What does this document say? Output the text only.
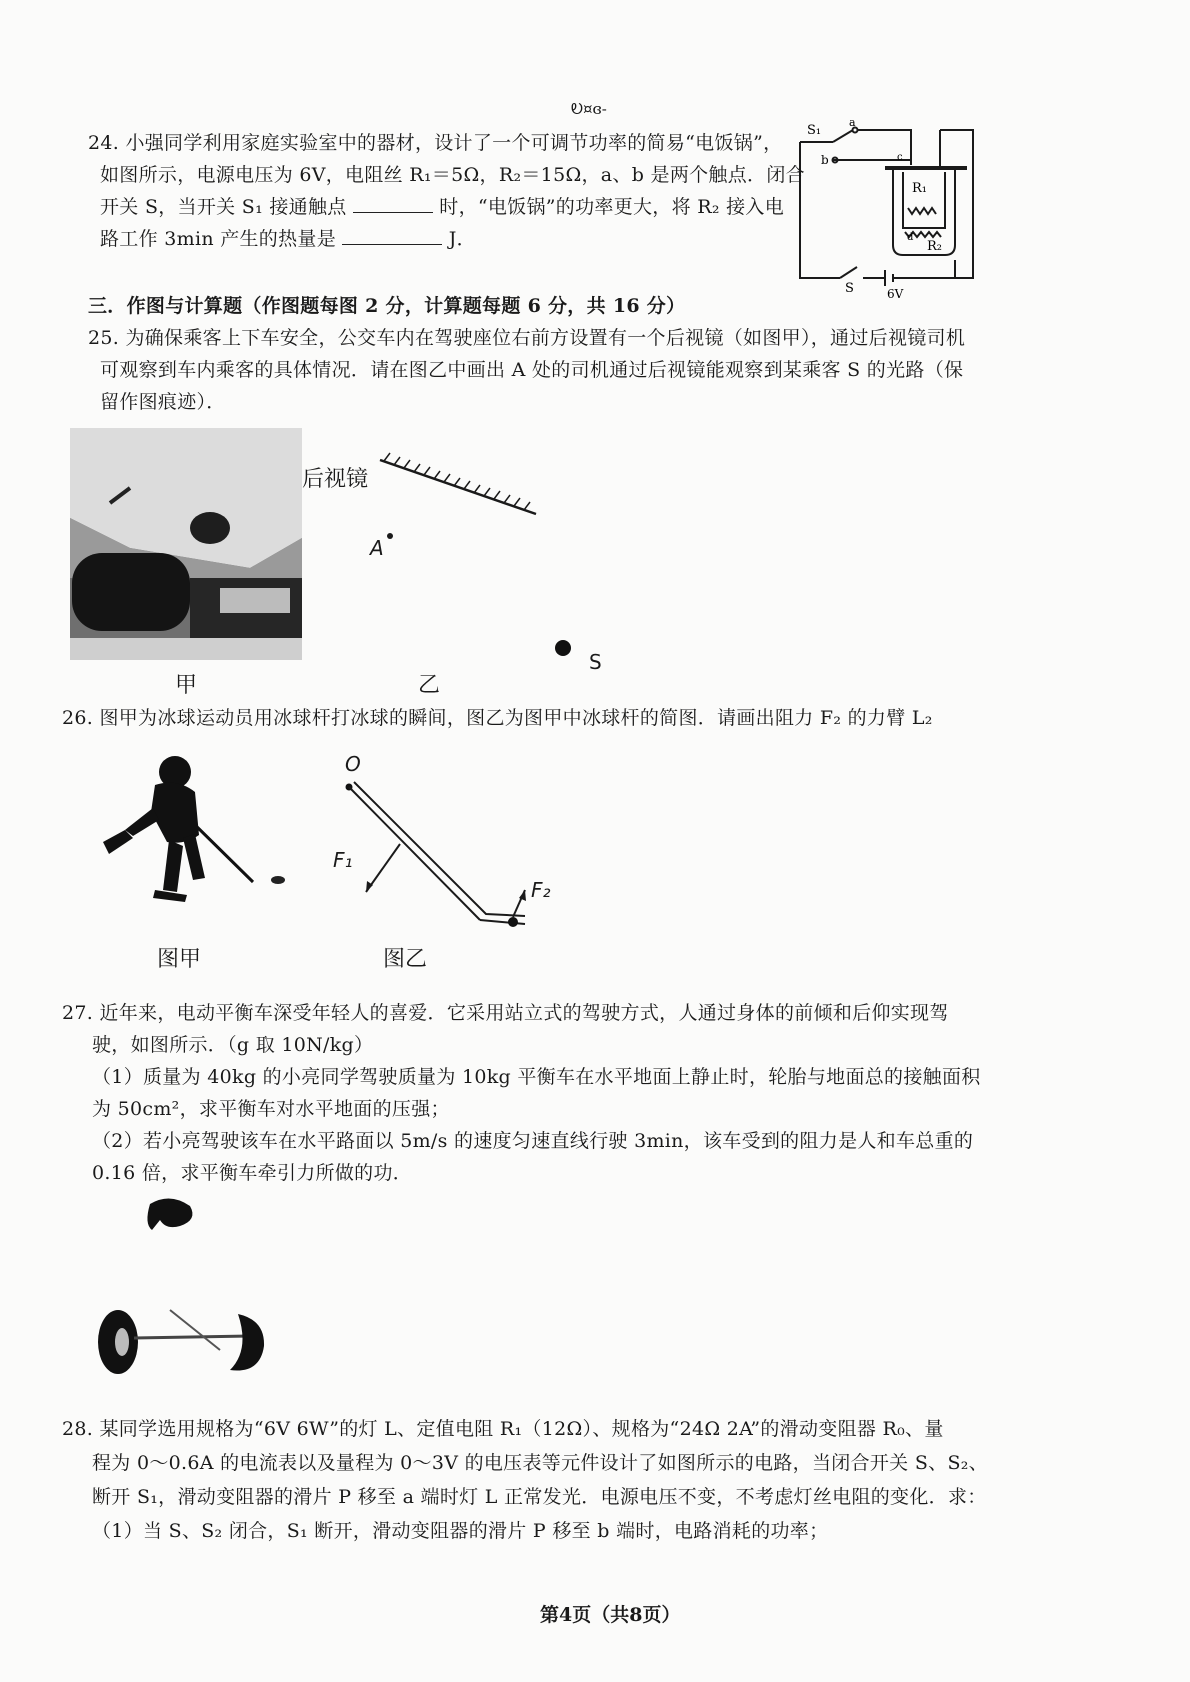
Ꭷ¤ɞ-
24. 小强同学利用家庭实验室中的器材，设计了一个可调节功率的简易“电饭锅”，
如图所示，电源电压为 6V，电阻丝 R₁＝5Ω，R₂＝15Ω，a、b 是两个触点．闭合
开关 S，当开关 S₁ 接通触点	时，“电饭锅”的功率更大，将 R₂ 接入电
路工作 3min 产生的热量是	J．
S₁
a
b
R₁
R₂
c
d
S	6V
三．作图与计算题（作图题每图 2 分，计算题每题 6 分，共 16 分）
25. 为确保乘客上下车安全，公交车内在驾驶座位右前方设置有一个后视镜（如图甲），通过后视镜司机
可观察到车内乘客的具体情况．请在图乙中画出 A 处的司机通过后视镜能观察到某乘客 S 的光路（保
留作图痕迹）．
后视镜
A
S
甲	乙
26. 图甲为冰球运动员用冰球杆打冰球的瞬间，图乙为图甲中冰球杆的简图．请画出阻力 F₂ 的力臂 L₂
图甲
O
F₁
F₂
图乙
27. 近年来，电动平衡车深受年轻人的喜爱．它采用站立式的驾驶方式，人通过身体的前倾和后仰实现驾
驶，如图所示．（g 取 10N/kg）
（1）质量为 40kg 的小亮同学驾驶质量为 10kg 平衡车在水平地面上静止时，轮胎与地面总的接触面积
为 50cm²，求平衡车对水平地面的压强；
（2）若小亮驾驶该车在水平路面以 5m/s 的速度匀速直线行驶 3min，该车受到的阻力是人和车总重的
0.16 倍，求平衡车牵引力所做的功．
28. 某同学选用规格为“6V 6W”的灯 L、定值电阻 R₁（12Ω）、规格为“24Ω 2A”的滑动变阻器 R₀、量
程为 0～0.6A 的电流表以及量程为 0～3V 的电压表等元件设计了如图所示的电路，当闭合开关 S、S₂、
断开 S₁，滑动变阻器的滑片 P 移至 a 端时灯 L 正常发光．电源电压不变，不考虑灯丝电阻的变化．求：
（1）当 S、S₂ 闭合，S₁ 断开，滑动变阻器的滑片 P 移至 b 端时，电路消耗的功率；
第4页（共8页）
